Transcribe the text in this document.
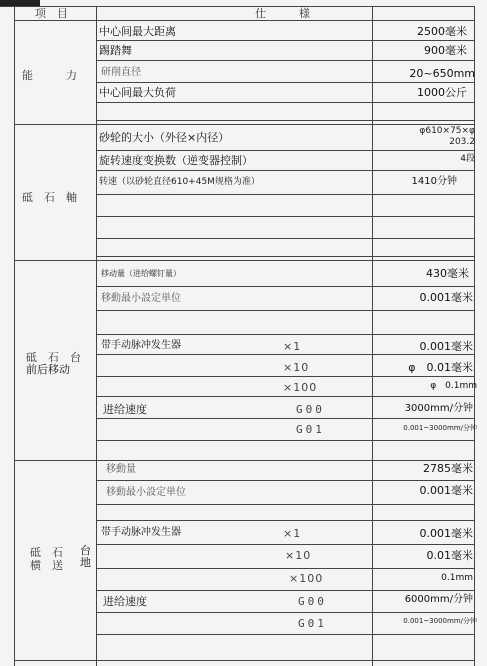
项　目	仕　　　様
能　　　力
中心间最大距离	2500毫米
踢踏舞	900毫米
研削直径	20~650mm
中心间最大负荷	1000公斤
砥　石　軸
砂轮的大小（外径×内径）	φ610×75×φ
203.2
旋转速度变换数（逆变器控制）	4段
转速（以砂轮直径610+45M规格为准）	1410分钟
砥　石　台
前后移动
移动量（进给螺钉量）	430毫米
移動最小設定単位	0.001毫米
带手动脉冲发生器	×1	0.001毫米
×10	φ　0.01毫米
×100	φ　0.1mm
进给速度	G00	3000mm/分钟
G01	0.001~3000mm/分钟
砥　石 台
横　送 地
移動量	2785毫米
移動最小設定単位	0.001毫米
带手动脉冲发生器	×1	0.001毫米
×10	0.01毫米
×100	0.1mm
进给速度	G00	6000mm/分钟
G01	0.001~3000mm/分钟
